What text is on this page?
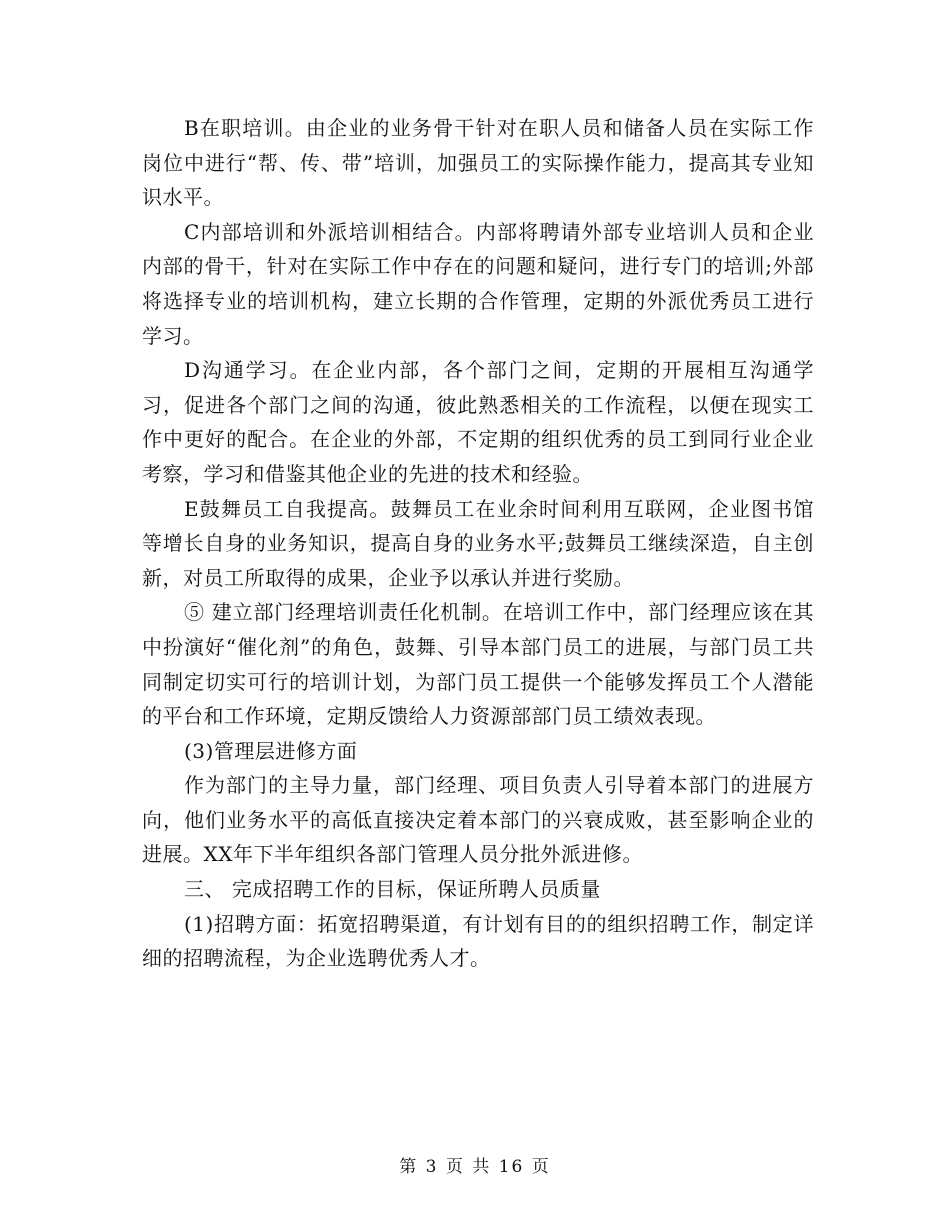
B在职培训。由企业的业务骨干针对在职人员和储备人员在实际工作岗位中进行“帮、传、带”培训，加强员工的实际操作能力，提高其专业知识水平。

C内部培训和外派培训相结合。内部将聘请外部专业培训人员和企业内部的骨干，针对在实际工作中存在的问题和疑问，进行专门的培训;外部将选择专业的培训机构，建立长期的合作管理，定期的外派优秀员工进行学习。

D沟通学习。在企业内部，各个部门之间，定期的开展相互沟通学习，促进各个部门之间的沟通，彼此熟悉相关的工作流程，以便在现实工作中更好的配合。在企业的外部，不定期的组织优秀的员工到同行业企业考察，学习和借鉴其他企业的先进的技术和经验。

E鼓舞员工自我提高。鼓舞员工在业余时间利用互联网，企业图书馆等增长自身的业务知识，提高自身的业务水平;鼓舞员工继续深造，自主创新，对员工所取得的成果，企业予以承认并进行奖励。

⑤ 建立部门经理培训责任化机制。在培训工作中，部门经理应该在其中扮演好“催化剂”的角色，鼓舞、引导本部门员工的进展，与部门员工共同制定切实可行的培训计划，为部门员工提供一个能够发挥员工个人潜能的平台和工作环境，定期反馈给人力资源部部门员工绩效表现。

(3)管理层进修方面

作为部门的主导力量，部门经理、项目负责人引导着本部门的进展方向，他们业务水平的高低直接决定着本部门的兴衰成败，甚至影响企业的进展。XX年下半年组织各部门管理人员分批外派进修。

三、 完成招聘工作的目标，保证所聘人员质量

(1)招聘方面：拓宽招聘渠道，有计划有目的的组织招聘工作，制定详细的招聘流程，为企业选聘优秀人才。

第 3 页 共 16 页
